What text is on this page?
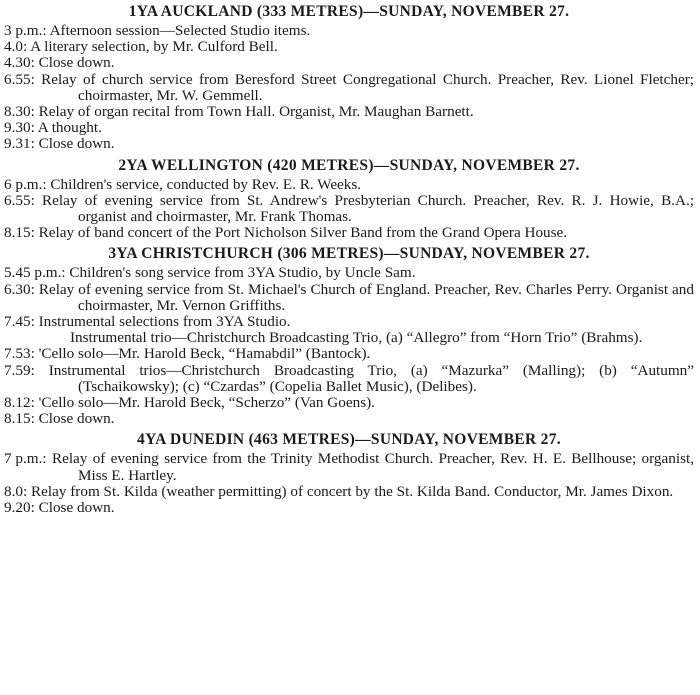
1YA AUCKLAND (333 METRES)—SUNDAY, NOVEMBER 27.
3 p.m.: Afternoon session—Selected Studio items.
4.0: A literary selection, by Mr. Culford Bell.
4.30: Close down.
6.55: Relay of church service from Beresford Street Congregational Church. Preacher, Rev. Lionel Fletcher; choirmaster, Mr. W. Gemmell.
8.30: Relay of organ recital from Town Hall. Organist, Mr. Maughan Barnett.
9.30: A thought.
9.31: Close down.
2YA WELLINGTON (420 METRES)—SUNDAY, NOVEMBER 27.
6 p.m.: Children's service, conducted by Rev. E. R. Weeks.
6.55: Relay of evening service from St. Andrew's Presbyterian Church. Preacher, Rev. R. J. Howie, B.A.; organist and choirmaster, Mr. Frank Thomas.
8.15: Relay of band concert of the Port Nicholson Silver Band from the Grand Opera House.
3YA CHRISTCHURCH (306 METRES)—SUNDAY, NOVEMBER 27.
5.45 p.m.: Children's song service from 3YA Studio, by Uncle Sam.
6.30: Relay of evening service from St. Michael's Church of England. Preacher, Rev. Charles Perry. Organist and choirmaster, Mr. Vernon Griffiths.
7.45: Instrumental selections from 3YA Studio.
Instrumental trio—Christchurch Broadcasting Trio, (a) “Allegro” from “Horn Trio” (Brahms).
7.53: 'Cello solo—Mr. Harold Beck, “Hamabdil” (Bantock).
7.59: Instrumental trios—Christchurch Broadcasting Trio, (a) “Mazurka” (Malling); (b) “Autumn” (Tschaikowsky); (c) “Czardas” (Copelia Ballet Music), (Delibes).
8.12: 'Cello solo—Mr. Harold Beck, “Scherzo” (Van Goens).
8.15: Close down.
4YA DUNEDIN (463 METRES)—SUNDAY, NOVEMBER 27.
7 p.m.: Relay of evening service from the Trinity Methodist Church. Preacher, Rev. H. E. Bellhouse; organist, Miss E. Hartley.
8.0: Relay from St. Kilda (weather permitting) of concert by the St. Kilda Band. Conductor, Mr. James Dixon.
9.20: Close down.
